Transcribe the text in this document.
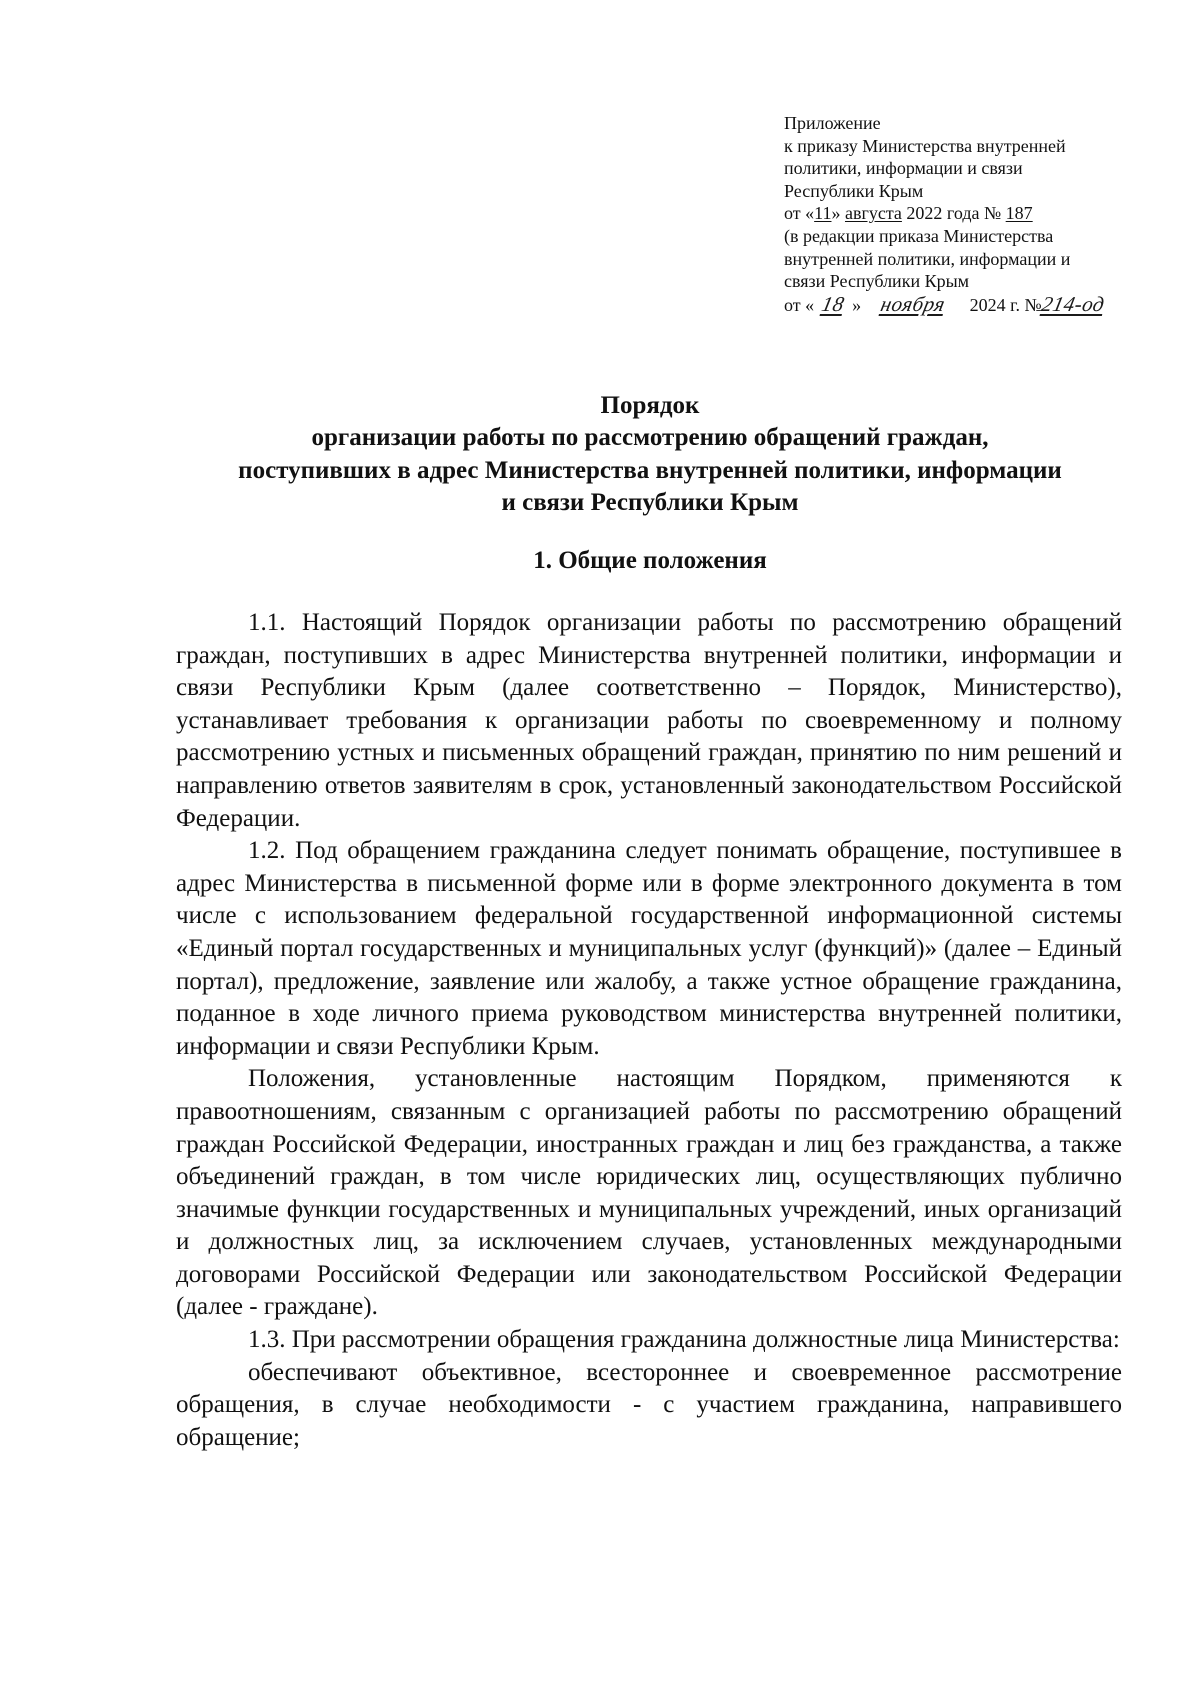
Приложение
к приказу Министерства внутренней
политики, информации и связи
Республики Крым
от «11» августа 2022 года № 187
(в редакции приказа Министерства
внутренней политики, информации и
связи Республики Крым
от « 18 » ноября 2024 г. №214-од
Порядок
организации работы по рассмотрению обращений граждан,
поступивших в адрес Министерства внутренней политики, информации
и связи Республики Крым
1. Общие положения

1.1. Настоящий Порядок организации работы по рассмотрению обращений граждан, поступивших в адрес Министерства внутренней политики, информации и связи Республики Крым (далее соответственно – Порядок, Министерство), устанавливает требования к организации работы по своевременному и полному рассмотрению устных и письменных обращений граждан, принятию по ним решений и направлению ответов заявителям в срок, установленный законодательством Российской Федерации.

1.2. Под обращением гражданина следует понимать обращение, поступившее в адрес Министерства в письменной форме или в форме электронного документа в том числе с использованием федеральной государственной информационной системы «Единый портал государственных и муниципальных услуг (функций)» (далее – Единый портал), предложение, заявление или жалобу, а также устное обращение гражданина, поданное в ходе личного приема руководством министерства внутренней политики, информации и связи Республики Крым.

Положения, установленные настоящим Порядком, применяются к правоотношениям, связанным с организацией работы по рассмотрению обращений граждан Российской Федерации, иностранных граждан и лиц без гражданства, а также объединений граждан, в том числе юридических лиц, осуществляющих публично значимые функции государственных и муниципальных учреждений, иных организаций и должностных лиц, за исключением случаев, установленных международными договорами Российской Федерации или законодательством Российской Федерации (далее - граждане).

1.3. При рассмотрении обращения гражданина должностные лица Министерства:

обеспечивают объективное, всестороннее и своевременное рассмотрение обращения, в случае необходимости - с участием гражданина, направившего обращение;
